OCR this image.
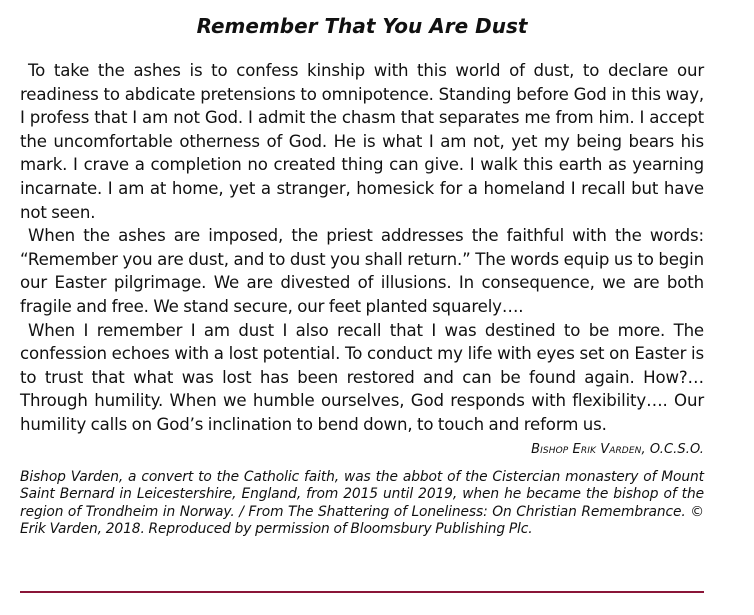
Remember That You Are Dust

To take the ashes is to confess kinship with this world of dust, to declare our readiness to abdicate pretensions to omnipotence. Standing before God in this way, I profess that I am not God. I admit the chasm that separates me from him. I accept the uncomfortable otherness of God. He is what I am not, yet my being bears his mark. I crave a completion no created thing can give. I walk this earth as yearning incarnate. I am at home, yet a stranger, homesick for a homeland I recall but have not seen.

When the ashes are imposed, the priest addresses the faithful with the words: “Remember you are dust, and to dust you shall return.” The words equip us to begin our Easter pilgrimage. We are divested of illusions. In consequence, we are both fragile and free. We stand secure, our feet planted squarely….

When I remember I am dust I also recall that I was destined to be more. The confession echoes with a lost potential. To conduct my life with eyes set on Easter is to trust that what was lost has been restored and can be found again. How?… Through humility. When we humble ourselves, God responds with flexibility…. Our humility calls on God’s inclination to bend down, to touch and reform us.

Bishop Erik Varden, O.C.S.O.
Bishop Varden, a convert to the Catholic faith, was the abbot of the Cistercian monastery of Mount Saint Bernard in Leicestershire, England, from 2015 until 2019, when he became the bishop of the region of Trondheim in Norway. / From The Shattering of Loneliness: On Christian Remembrance. © Erik Varden, 2018. Reproduced by permission of Bloomsbury Publishing Plc.
